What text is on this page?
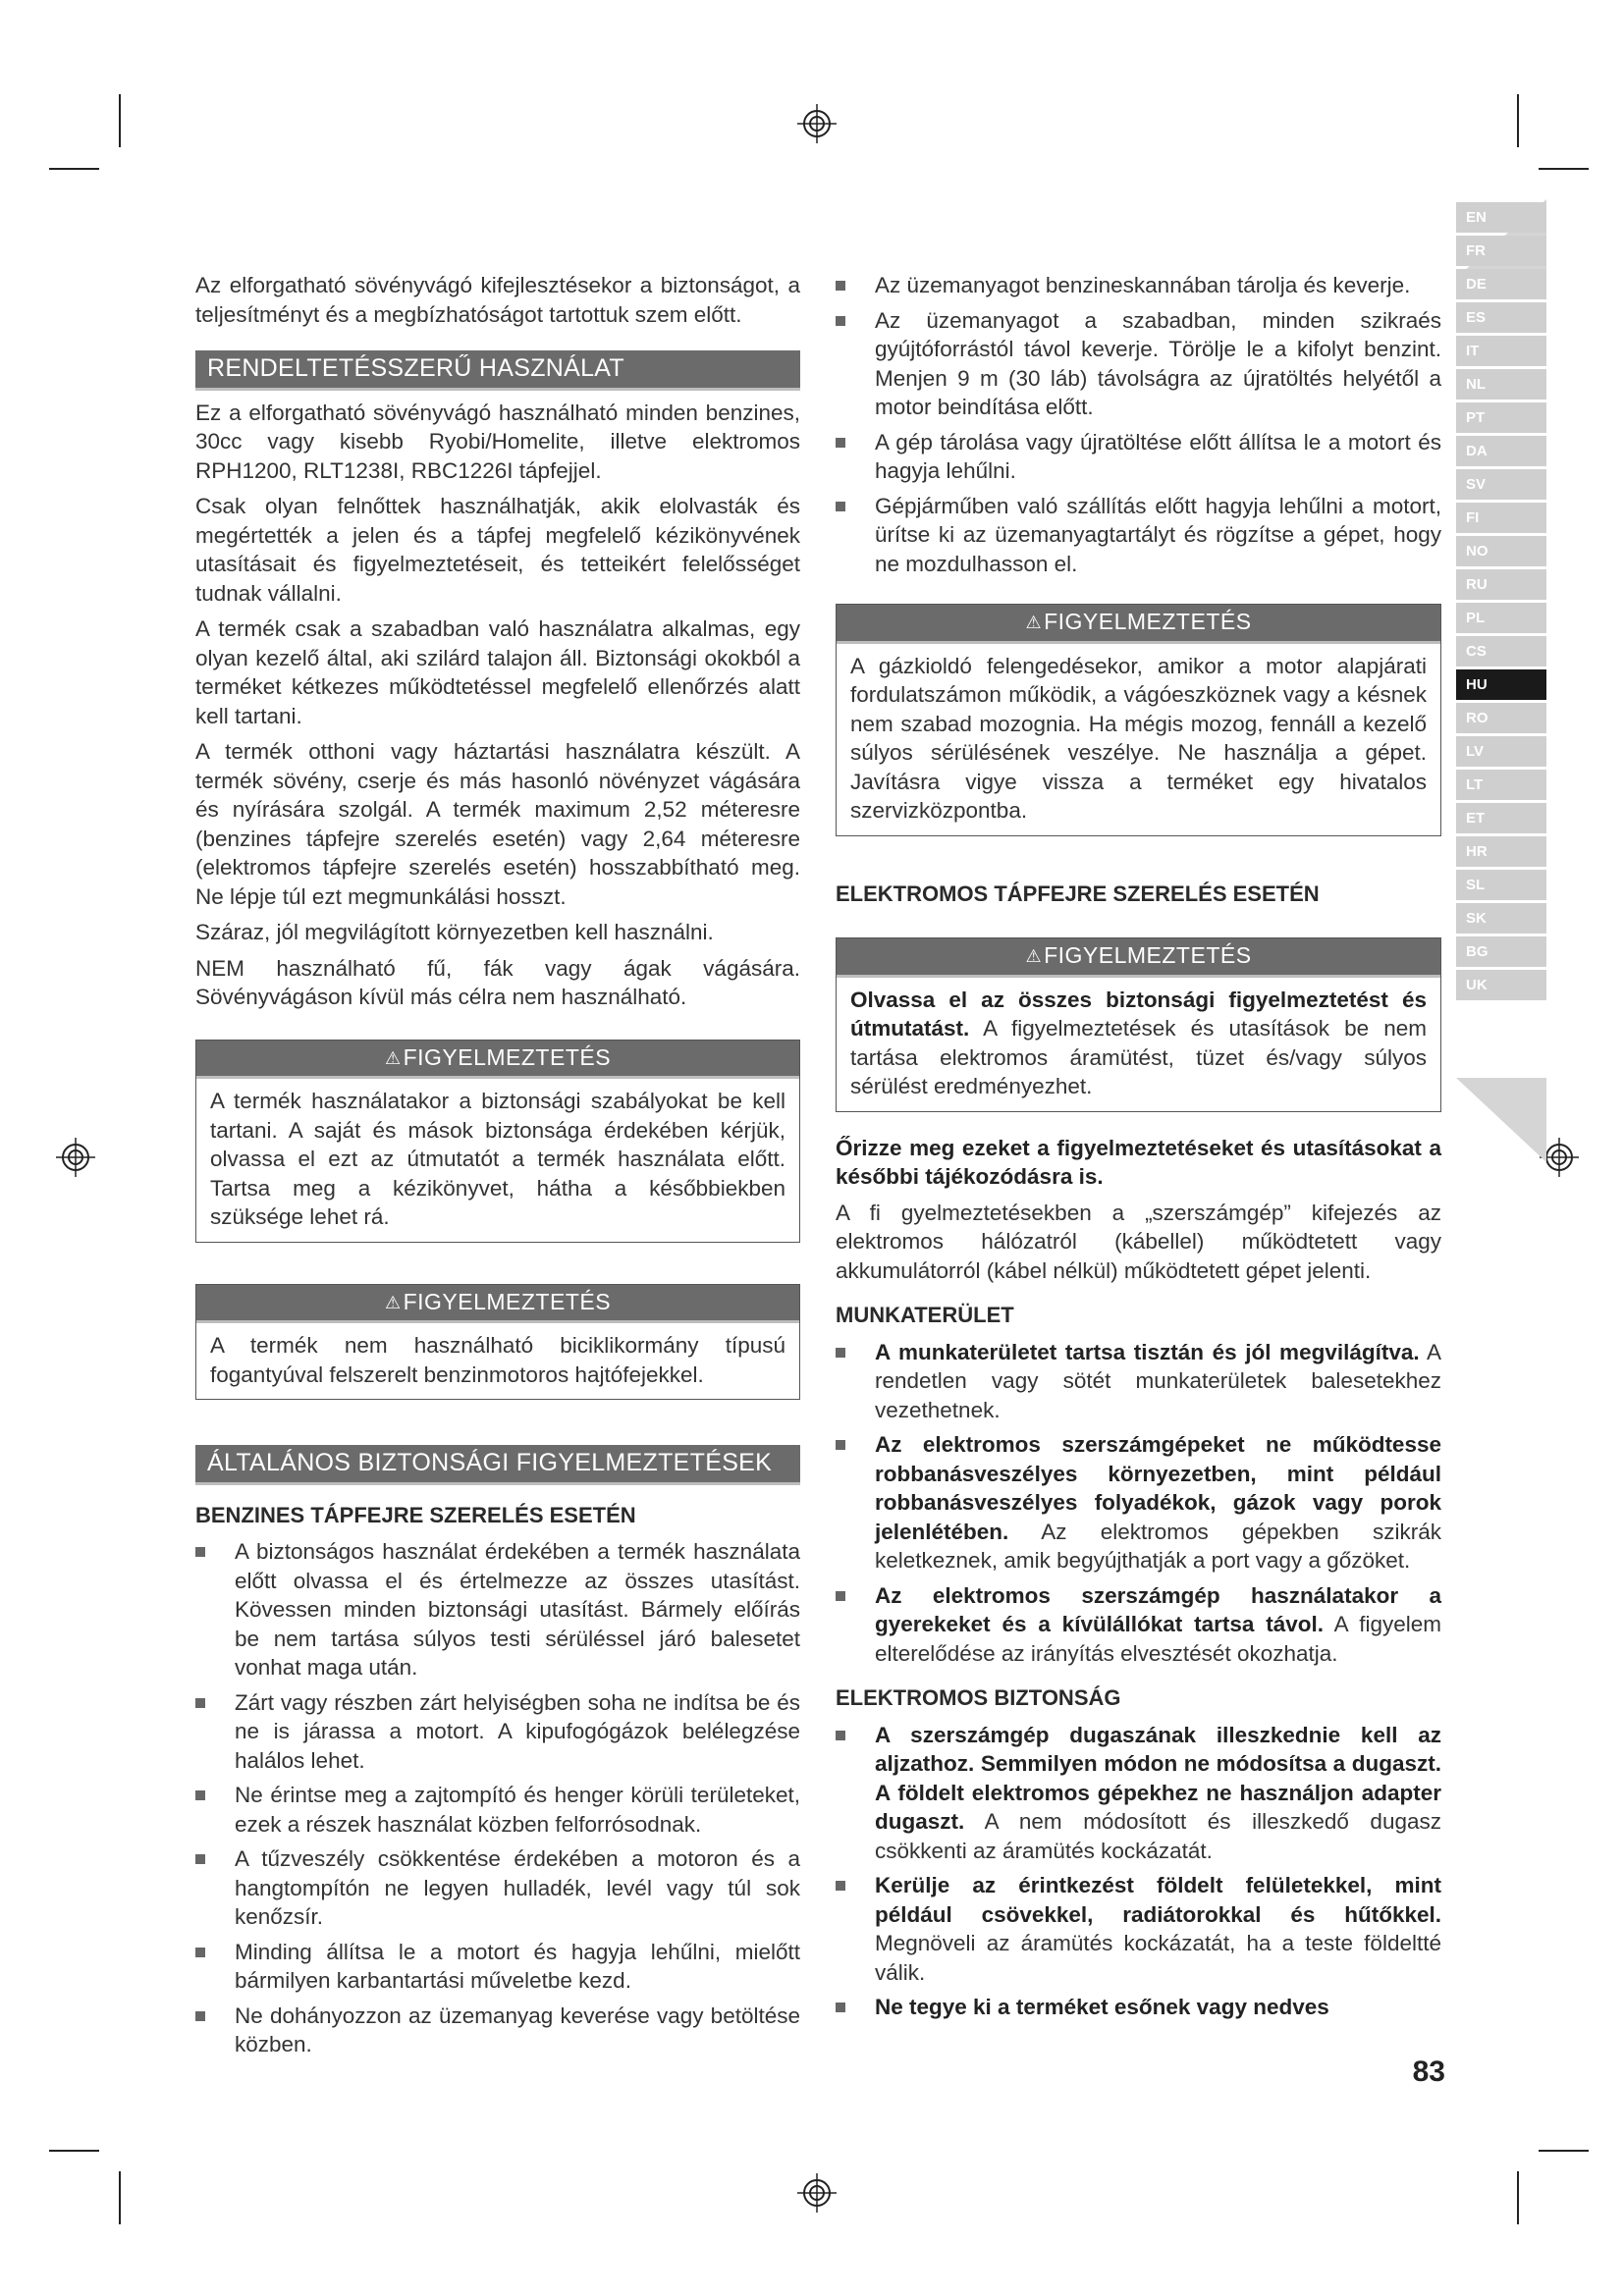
EN
FR
DE
ES
IT
NL
PT
DA
SV
FI
NO
RU
PL
CS
HU
RO
LV
LT
ET
HR
SL
SK
BG
UK

Az elforgatható sövényvágó kifejlesztésekor a biztonságot, a teljesítményt és a megbízhatóságot tartottuk szem előtt.

RENDELTETÉSSZERŰ HASZNÁLAT

Ez a elforgatható sövényvágó használható minden benzines, 30cc vagy kisebb Ryobi/Homelite, illetve elektromos RPH1200, RLT1238I, RBC1226I tápfejjel.

Csak olyan felnőttek használhatják, akik elolvasták és megértették a jelen és a tápfej megfelelő kézikönyvének utasításait és figyelmeztetéseit, és tetteikért felelősséget tudnak vállalni.

A termék csak a szabadban való használatra alkalmas, egy olyan kezelő által, aki szilárd talajon áll. Biztonsági okokból a terméket kétkezes működtetéssel megfelelő ellenőrzés alatt kell tartani.

A termék otthoni vagy háztartási használatra készült. A termék sövény, cserje és más hasonló növényzet vágására és nyírására szolgál. A termék maximum 2,52 méteresre (benzines tápfejre szerelés esetén) vagy 2,64 méteresre (elektromos tápfejre szerelés esetén) hosszabbítható meg. Ne lépje túl ezt megmunkálási hosszt.

Száraz, jól megvilágított környezetben kell használni.

NEM használható fű, fák vagy ágak vágására. Sövényvágáson kívül más célra nem használható.

⚠FIGYELMEZTETÉS

A termék használatakor a biztonsági szabályokat be kell tartani. A saját és mások biztonsága érdekében kérjük, olvassa el ezt az útmutatót a termék használata előtt. Tartsa meg a kézikönyvet, hátha a későbbiekben szüksége lehet rá.

⚠FIGYELMEZTETÉS

A termék nem használható biciklikormány típusú fogantyúval felszerelt benzinmotoros hajtófejekkel.

ÁLTALÁNOS BIZTONSÁGI FIGYELMEZTETÉSEK
BENZINES TÁPFEJRE SZERELÉS ESETÉN
A biztonságos használat érdekében a termék használata előtt olvassa el és értelmezze az összes utasítást. Kövessen minden biztonsági utasítást. Bármely előírás be nem tartása súlyos testi sérüléssel járó balesetet vonhat maga után.
Zárt vagy részben zárt helyiségben soha ne indítsa be és ne is járassa a motort. A kipufogógázok belélegzése halálos lehet.
Ne érintse meg a zajtompító és henger körüli területeket, ezek a részek használat közben felforrósodnak.
A tűzveszély csökkentése érdekében a motoron és a hangtompítón ne legyen hulladék, levél vagy túl sok kenőzsír.
Minding állítsa le a motort és hagyja lehűlni, mielőtt bármilyen karbantartási műveletbe kezd.
Ne dohányozzon az üzemanyag keverése vagy betöltése közben.
Az üzemanyagot benzineskannában tárolja és keverje.
Az üzemanyagot a szabadban, minden szikraés gyújtóforrástól távol keverje. Törölje le a kifolyt benzint. Menjen 9 m (30 láb) távolságra az újratöltés helyétől a motor beindítása előtt.
A gép tárolása vagy újratöltése előtt állítsa le a motort és hagyja lehűlni.
Gépjárműben való szállítás előtt hagyja lehűlni a motort, ürítse ki az üzemanyagtartályt és rögzítse a gépet, hogy ne mozdulhasson el.
⚠FIGYELMEZTETÉS

A gázkioldó felengedésekor, amikor a motor alapjárati fordulatszámon működik, a vágóeszköznek vagy a késnek nem szabad mozognia. Ha mégis mozog, fennáll a kezelő súlyos sérülésének veszélye. Ne használja a gépet. Javításra vigye vissza a terméket egy hivatalos szervizközpontba.

ELEKTROMOS TÁPFEJRE SZERELÉS ESETÉN
⚠FIGYELMEZTETÉS

Olvassa el az összes biztonsági figyelmeztetést és útmutatást. A figyelmeztetések és utasítások be nem tartása elektromos áramütést, tüzet és/vagy súlyos sérülést eredményezhet.

Őrizze meg ezeket a figyelmeztetéseket és utasításokat a későbbi tájékozódásra is.

A fi gyelmeztetésekben a „szerszámgép” kifejezés az elektromos hálózatról (kábellel) működtetett vagy akkumulátorról (kábel nélkül) működtetett gépet jelenti.

MUNKATERÜLET
A munkaterületet tartsa tisztán és jól megvilágítva. A rendetlen vagy sötét munkaterületek balesetekhez vezethetnek.
Az elektromos szerszámgépeket ne működtesse robbanásveszélyes környezetben, mint például robbanásveszélyes folyadékok, gázok vagy porok jelenlétében. Az elektromos gépekben szikrák keletkeznek, amik begyújthatják a port vagy a gőzöket.
Az elektromos szerszámgép használatakor a gyerekeket és a kívülállókat tartsa távol. A figyelem elterelődése az irányítás elvesztését okozhatja.
ELEKTROMOS BIZTONSÁG
A szerszámgép dugaszának illeszkednie kell az aljzathoz. Semmilyen módon ne módosítsa a dugaszt. A földelt elektromos gépekhez ne használjon adapter dugaszt. A nem módosított és illeszkedő dugasz csökkenti az áramütés kockázatát.
Kerülje az érintkezést földelt felületekkel, mint például csövekkel, radiátorokkal és hűtőkkel. Megnöveli az áramütés kockázatát, ha a teste földeltté válik.
Ne tegye ki a terméket esőnek vagy nedves
83
